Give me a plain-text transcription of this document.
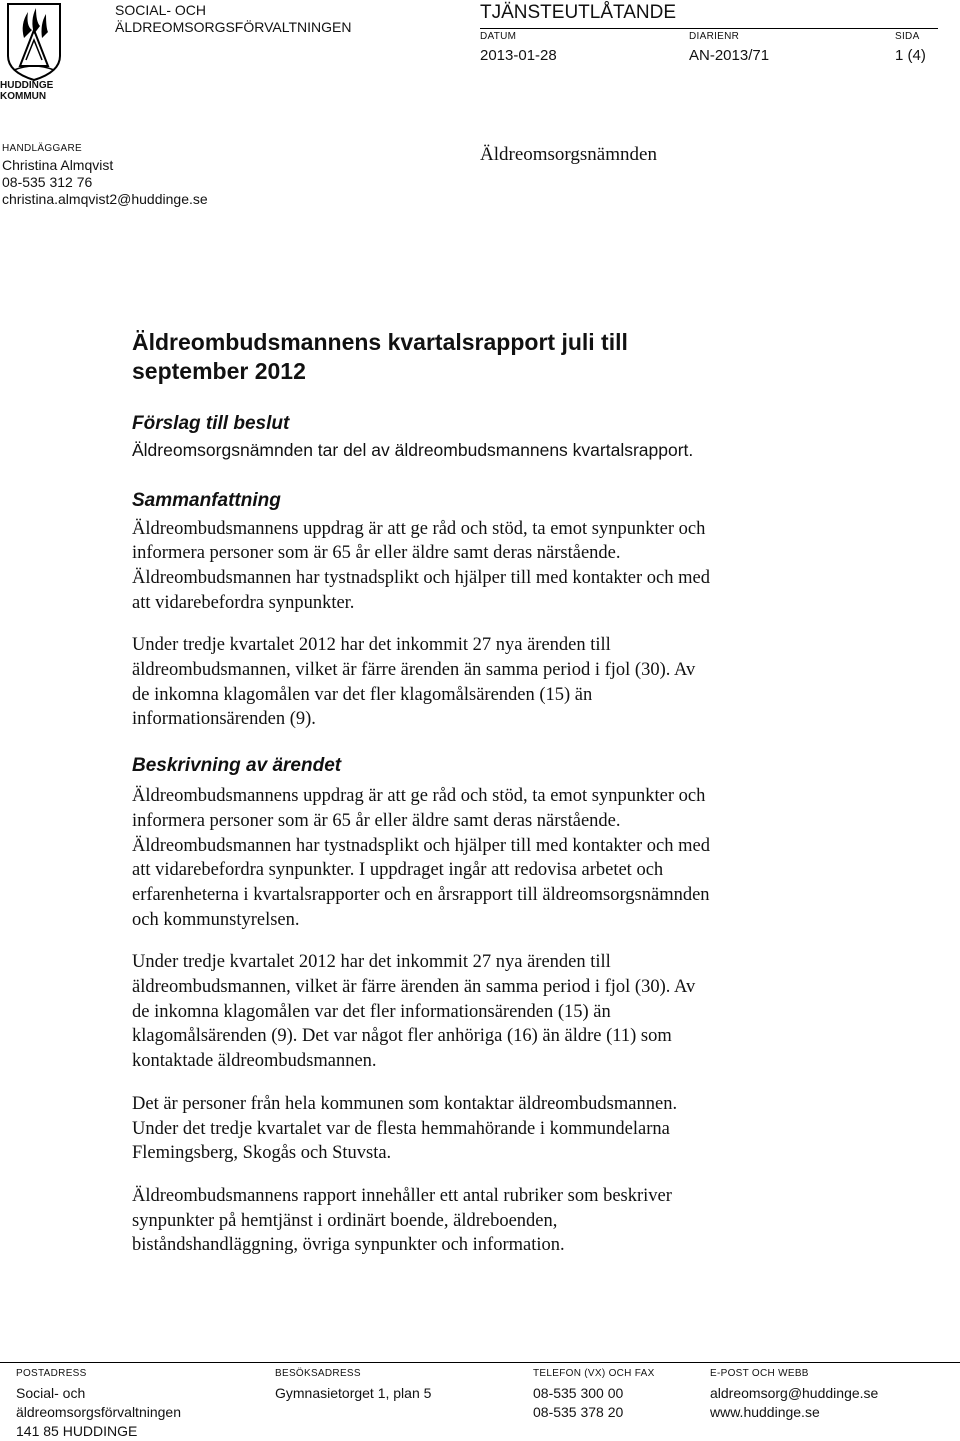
HUDDINGE
KOMMUN
SOCIAL- OCH
ÄLDREOMSORGSFÖRVALTNINGEN
TJÄNSTEUTLÅTANDE
DATUM	DIARIENR	SIDA
2013-01-28	AN-2013/71	1 (4)
HANDLÄGGARE
Christina Almqvist
08-535 312 76
christina.almqvist2@huddinge.se
Äldreomsorgsnämnden
Äldreombudsmannens kvartalsrapport juli till
september 2012

Förslag till beslut

Äldreomsorgsnämnden tar del av äldreombudsmannens kvartalsrapport.

Sammanfattning

Äldreombudsmannens uppdrag är att ge råd och stöd, ta emot synpunkter och
informera personer som är 65 år eller äldre samt deras närstående.
Äldreombudsmannen har tystnadsplikt och hjälper till med kontakter och med
att vidarebefordra synpunkter.
Under tredje kvartalet 2012 har det inkommit 27 nya ärenden till
äldreombudsmannen, vilket är färre ärenden än samma period i fjol (30). Av
de inkomna klagomålen var det fler klagomålsärenden (15) än
informationsärenden (9).

Beskrivning av ärendet

Äldreombudsmannens uppdrag är att ge råd och stöd, ta emot synpunkter och
informera personer som är 65 år eller äldre samt deras närstående.
Äldreombudsmannen har tystnadsplikt och hjälper till med kontakter och med
att vidarebefordra synpunkter. I uppdraget ingår att redovisa arbetet och
erfarenheterna i kvartalsrapporter och en årsrapport till äldreomsorgsnämnden
och kommunstyrelsen.
Under tredje kvartalet 2012 har det inkommit 27 nya ärenden till
äldreombudsmannen, vilket är färre ärenden än samma period i fjol (30). Av
de inkomna klagomålen var det fler informationsärenden (15) än
klagomålsärenden (9). Det var något fler anhöriga (16) än äldre (11) som
kontaktade äldreombudsmannen.
Det är personer från hela kommunen som kontaktar äldreombudsmannen.
Under det tredje kvartalet var de flesta hemmahörande i kommundelarna
Flemingsberg, Skogås och Stuvsta.
Äldreombudsmannens rapport innehåller ett antal rubriker som beskriver
synpunkter på hemtjänst i ordinärt boende, äldreboenden,
biståndshandläggning, övriga synpunkter och information.
POSTADRESS
Social- och
äldreomsorgsförvaltningen
141 85 HUDDINGE
BESÖKSADRESS
Gymnasietorget 1, plan 5
TELEFON (VX) OCH FAX
08-535 300 00
08-535 378 20
E-POST OCH WEBB
aldreomsorg@huddinge.se
www.huddinge.se
